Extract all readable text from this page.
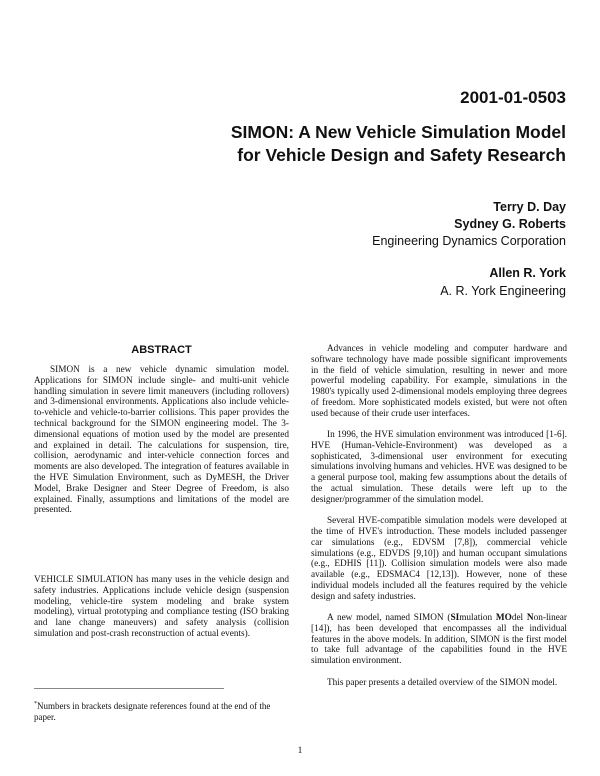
2001-01-0503
SIMON: A New Vehicle Simulation Model
for Vehicle Design and Safety Research
Terry D. Day
Sydney G. Roberts
Engineering Dynamics Corporation
Allen R. York
A. R. York Engineering
ABSTRACT

SIMON is a new vehicle dynamic simulation model. Applications for SIMON include single- and multi-unit vehicle handling simulation in severe limit maneuvers (including rollovers) and 3-dimensional environments. Applications also include vehicle-to-vehicle and vehicle-to-barrier collisions. This paper provides the technical background for the SIMON engineering model. The 3-dimensional equations of motion used by the model are presented and explained in detail. The calculations for suspension, tire, collision, aerodynamic and inter-vehicle connection forces and moments are also developed. The integration of features available in the HVE Simulation Environment, such as DyMESH, the Driver Model, Brake Designer and Steer Degree of Freedom, is also explained. Finally, assumptions and limitations of the model are presented.

VEHICLE SIMULATION has many uses in the vehicle design and safety industries. Applications include vehicle design (suspension modeling, vehicle-tire system modeling and brake system modeling), virtual prototyping and compliance testing (ISO braking and lane change maneuvers) and safety analysis (collision simulation and post-crash reconstruction of actual events).

*Numbers in brackets designate references found at the end of the paper.

Advances in vehicle modeling and computer hardware and software technology have made possible significant improvements in the field of vehicle simulation, resulting in newer and more powerful modeling capability. For example, simulations in the 1980's typically used 2-dimensional models employing three degrees of freedom. More sophisticated models existed, but were not often used because of their crude user interfaces.

In 1996, the HVE simulation environment was introduced [1-6]. HVE (Human-Vehicle-Environment) was developed as a sophisticated, 3-dimensional user environment for executing simulations involving humans and vehicles. HVE was designed to be a general purpose tool, making few assumptions about the details of the actual simulation. These details were left up to the designer/programmer of the simulation model.

Several HVE-compatible simulation models were developed at the time of HVE's introduction. These models included passenger car simulations (e.g., EDVSM [7,8]), commercial vehicle simulations (e.g., EDVDS [9,10]) and human occupant simulations (e.g., EDHIS [11]). Collision simulation models were also made available (e.g., EDSMAC4 [12,13]). However, none of these individual models included all the features required by the vehicle design and safety industries.

A new model, named SIMON (SImulation MOdel Non-linear [14]), has been developed that encompasses all the individual features in the above models. In addition, SIMON is the first model to take full advantage of the capabilities found in the HVE simulation environment.

This paper presents a detailed overview of the SIMON model.

1
